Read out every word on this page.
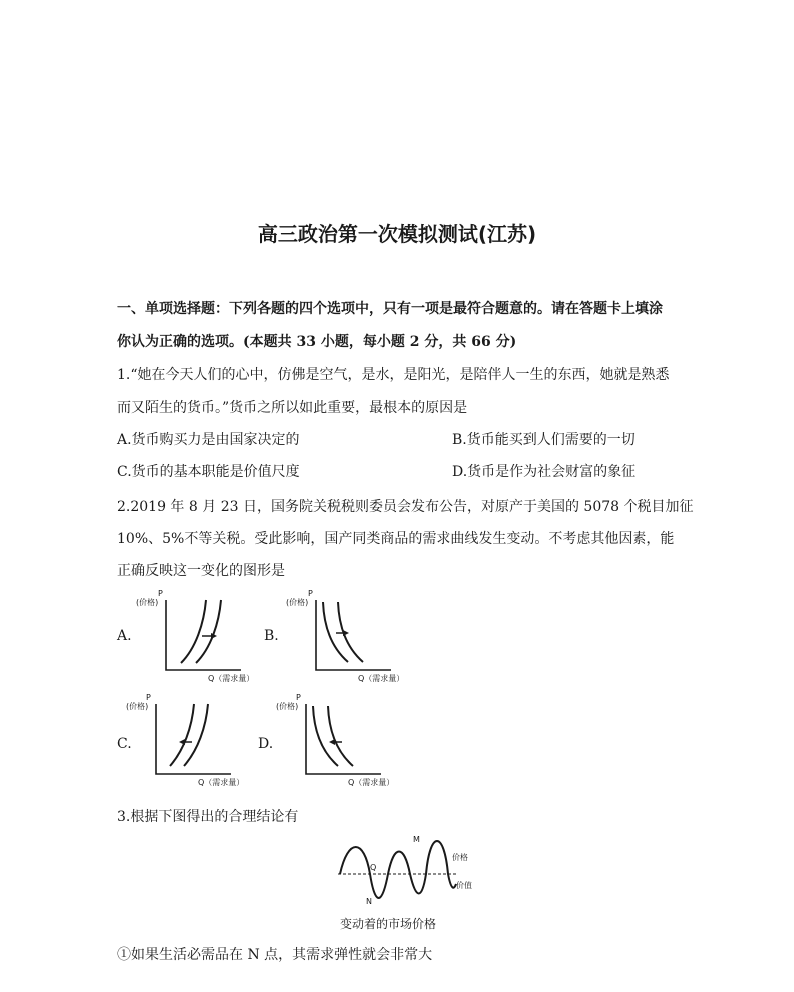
高三政治第一次模拟测试(江苏)
一、单项选择题：下列各题的四个选项中，只有一项是最符合题意的。请在答题卡上填涂
你认为正确的选项。(本题共 33 小题，每小题 2 分，共 66 分)
1.“她在今天人们的心中，仿佛是空气，是水，是阳光，是陪伴人一生的东西，她就是熟悉
而又陌生的货币。”货币之所以如此重要，最根本的原因是
A.货币购买力是由国家决定的	B.货币能买到人们需要的一切
C.货币的基本职能是价值尺度	D.货币是作为社会财富的象征
2.2019 年 8 月 23 日，国务院关税税则委员会发布公告，对原产于美国的 5078 个税目加征
10%、5%不等关税。受此影响，国产同类商品的需求曲线发生变动。不考虑其他因素，能
正确反映这一变化的图形是
A.	B.
C.	D.
P
(价格)
Q（需求量）
P
(价格)
Q（需求量）
P
(价格)
Q（需求量）
P
(价格)
Q（需求量）
3.根据下图得出的合理结论有
M
N
Q
价格
价值
变动着的市场价格
①如果生活必需品在 N 点，其需求弹性就会非常大
